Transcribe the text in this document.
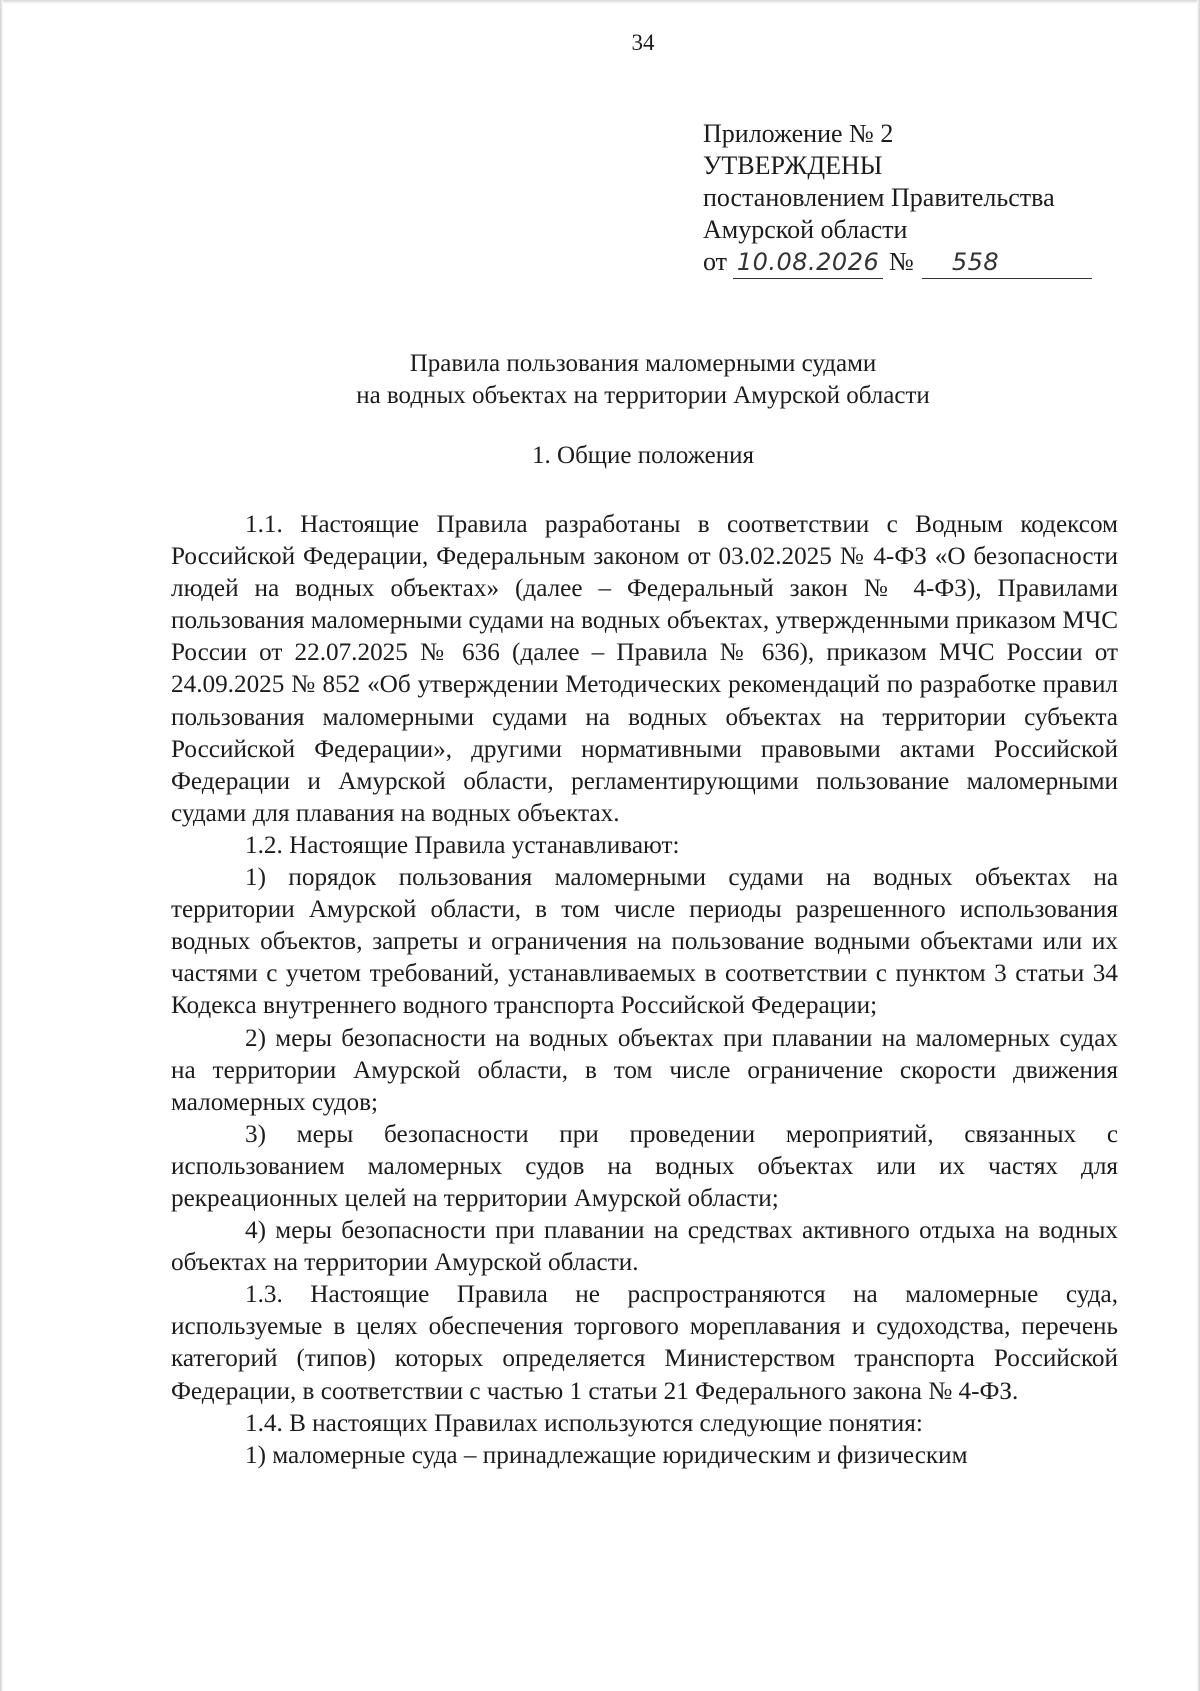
34
Приложение № 2
УТВЕРЖДЕНЫ
постановлением Правительства
Амурской области
от 10.08.2026 №	558
Правила пользования маломерными судами
на водных объектах на территории Амурской области
1. Общие положения

1.1. Настоящие Правила разработаны в соответствии с Водным кодексом Российской Федерации, Федеральным законом от 03.02.2025 № 4-ФЗ «О безопасности людей на водных объектах» (далее – Федеральный закон № 4-ФЗ), Правилами пользования маломерными судами на водных объектах, утвержденными приказом МЧС России от 22.07.2025 № 636 (далее – Правила № 636), приказом МЧС России от 24.09.2025 № 852 «Об утверждении Методических рекомендаций по разработке правил пользования маломерными судами на водных объектах на территории субъекта Российской Федерации», другими нормативными правовыми актами Российской Федерации и Амурской области, регламентирующими пользование маломерными судами для плавания на водных объектах.

1.2. Настоящие Правила устанавливают:

1) порядок пользования маломерными судами на водных объектах на территории Амурской области, в том числе периоды разрешенного использования водных объектов, запреты и ограничения на пользование водными объектами или их частями с учетом требований, устанавливаемых в соответствии с пунктом 3 статьи 34 Кодекса внутреннего водного транспорта Российской Федерации;

2) меры безопасности на водных объектах при плавании на маломерных судах на территории Амурской области, в том числе ограничение скорости движения маломерных судов;

3) меры безопасности при проведении мероприятий, связанных с использованием маломерных судов на водных объектах или их частях для рекреационных целей на территории Амурской области;

4) меры безопасности при плавании на средствах активного отдыха на водных объектах на территории Амурской области.

1.3. Настоящие Правила не распространяются на маломерные суда, используемые в целях обеспечения торгового мореплавания и судоходства, перечень категорий (типов) которых определяется Министерством транспорта Российской Федерации, в соответствии с частью 1 статьи 21 Федерального закона № 4-ФЗ.

1.4. В настоящих Правилах используются следующие понятия:

1) маломерные суда – принадлежащие юридическим и физическим
